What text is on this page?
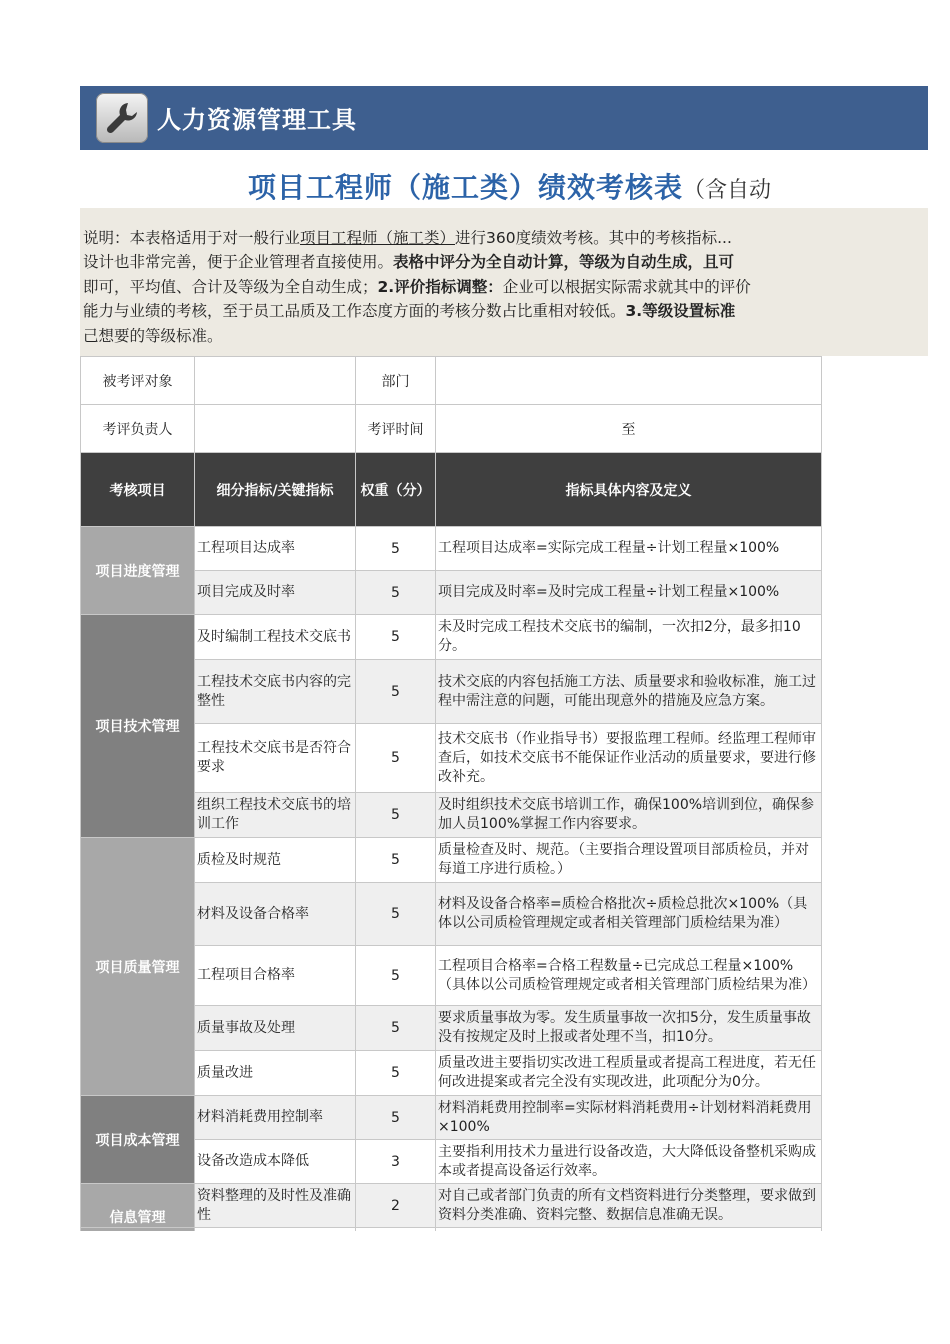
人力资源管理工具
项目工程师（施工类）绩效考核表（含自动
说明：本表格适用于对一般行业项目工程师（施工类）进行360度绩效考核。其中的考核指标...
设计也非常完善，便于企业管理者直接使用。表格中评分为全自动计算，等级为自动生成，且可
即可，平均值、合计及等级为全自动生成；2.评价指标调整：企业可以根据实际需求就其中的评价
能力与业绩的考核，至于员工品质及工作态度方面的考核分数占比重相对较低。3.等级设置标准
己想要的等级标准。
被考评对象		部门	
考评负责人		考评时间	至
考核项目	细分指标/关键指标	权重（分）	指标具体内容及定义
项目进度管理	工程项目达成率	5	工程项目达成率=实际完成工程量÷计划工程量×100%
	项目完成及时率	5	项目完成及时率=及时完成工程量÷计划工程量×100%
项目技术管理	及时编制工程技术交底书	5	未及时完成工程技术交底书的编制，一次扣2分，最多扣10分。
	工程技术交底书内容的完整性	5	技术交底的内容包括施工方法、质量要求和验收标准，施工过程中需注意的问题，可能出现意外的措施及应急方案。
	工程技术交底书是否符合要求	5	技术交底书（作业指导书）要报监理工程师。经监理工程师审查后，如技术交底书不能保证作业活动的质量要求，要进行修改补充。
	组织工程技术交底书的培训工作	5	及时组织技术交底书培训工作，确保100%培训到位，确保参加人员100%掌握工作内容要求。
项目质量管理	质检及时规范	5	质量检查及时、规范。（主要指合理设置项目部质检员，并对每道工序进行质检。）
	材料及设备合格率	5	材料及设备合格率=质检合格批次÷质检总批次×100%（具体以公司质检管理规定或者相关管理部门质检结果为准）
	工程项目合格率	5	工程项目合格率=合格工程数量÷已完成总工程量×100%（具体以公司质检管理规定或者相关管理部门质检结果为准）
	质量事故及处理	5	要求质量事故为零。发生质量事故一次扣5分，发生质量事故没有按规定及时上报或者处理不当，扣10分。
	质量改进	5	质量改进主要指切实改进工程质量或者提高工程进度，若无任何改进提案或者完全没有实现改进，此项配分为0分。
项目成本管理	材料消耗费用控制率	5	材料消耗费用控制率=实际材料消耗费用÷计划材料消耗费用×100%
	设备改造成本降低	3	主要指利用技术力量进行设备改造，大大降低设备整机采购成本或者提高设备运行效率。
信息管理	资料整理的及时性及准确性	2	对自己或者部门负责的所有文档资料进行分类整理，要求做到资料分类准确、资料完整、数据信息准确无误。
